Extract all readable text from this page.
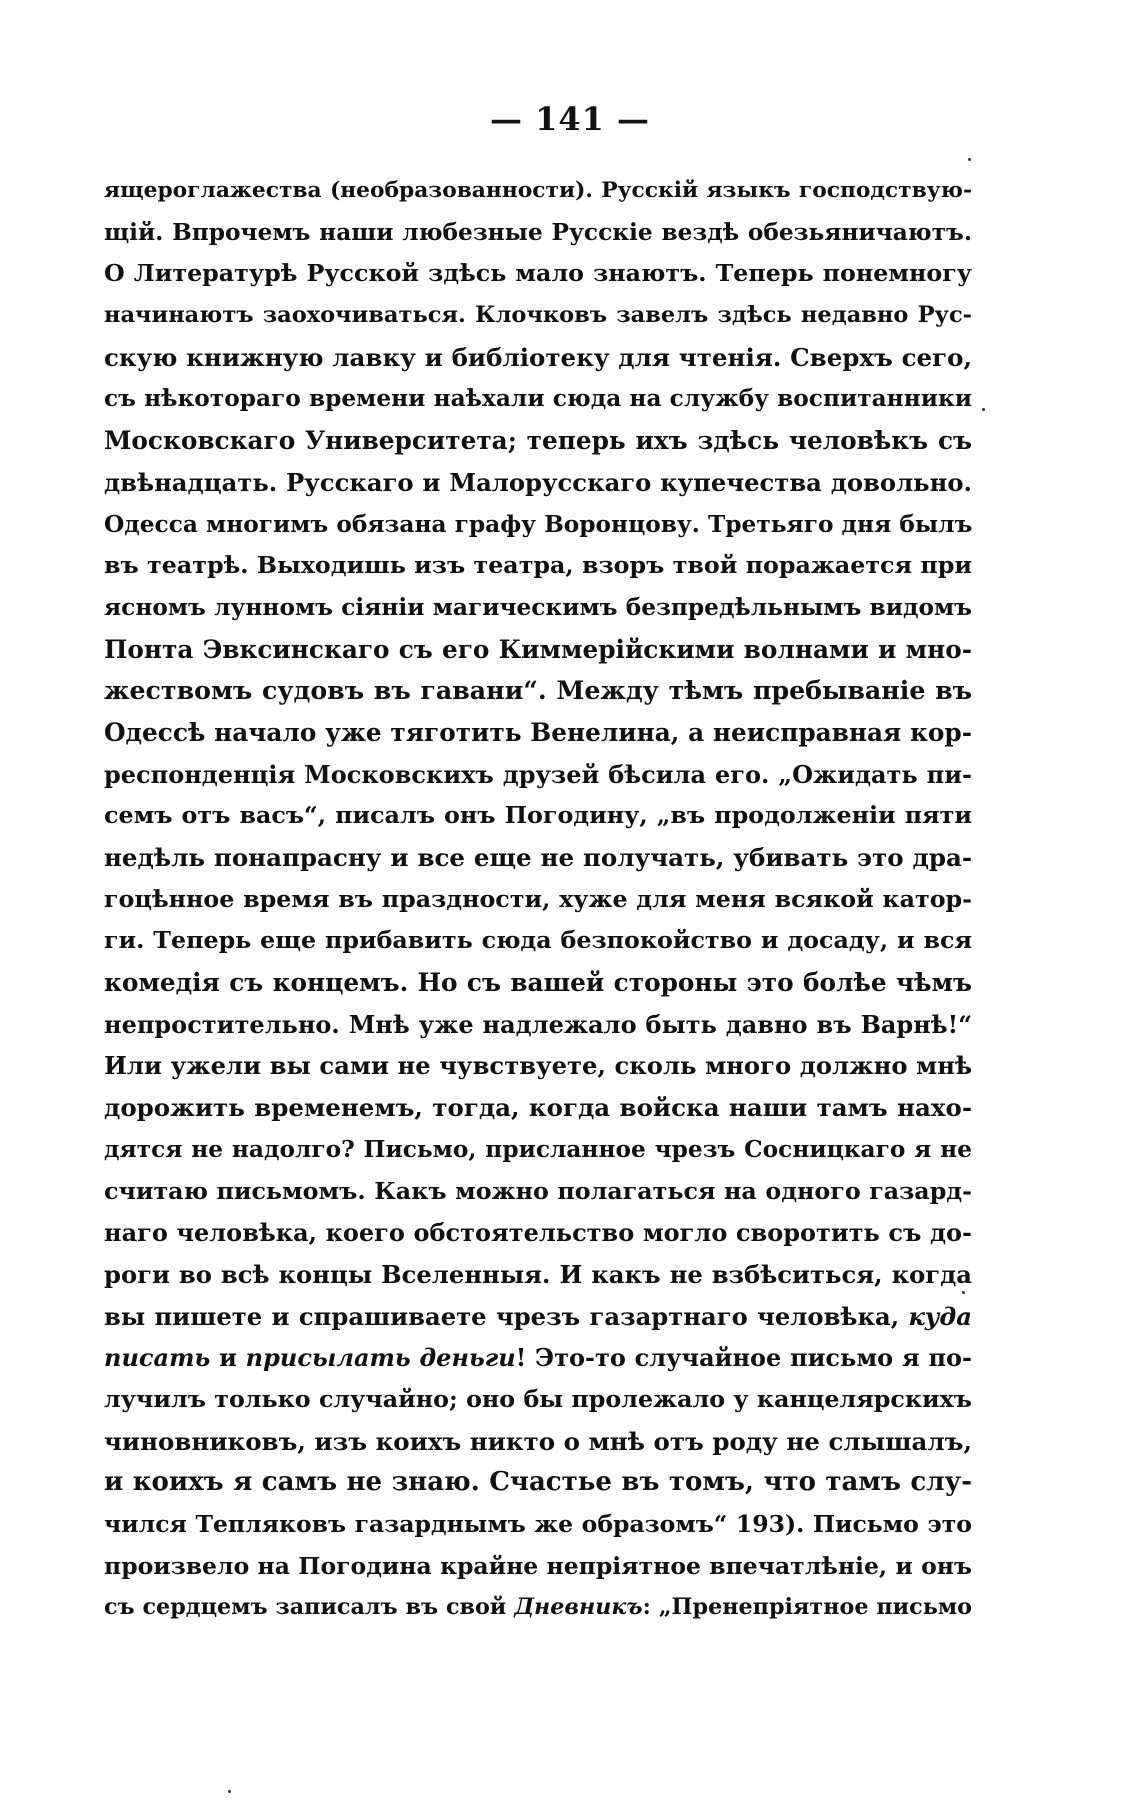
— 141 —
ящероглажества (необразованности). Русскій языкъ господствую-
щій. Впрочемъ наши любезные Русскіе вездѣ обезьяничаютъ.
О Литературѣ Русской здѣсь мало знаютъ. Теперь понемногу
начинаютъ заохочиваться. Клочковъ завелъ здѣсь недавно Рус-
скую книжную лавку и библіотеку для чтенія. Сверхъ сего,
съ нѣкотораго времени наѣхали сюда на службу воспитанники
Московскаго Университета; теперь ихъ здѣсь человѣкъ съ
двѣнадцать. Русскаго и Малорусскаго купечества довольно.
Одесса многимъ обязана графу Воронцову. Третьяго дня былъ
въ театрѣ. Выходишь изъ театра, взоръ твой поражается при
ясномъ лунномъ сіяніи магическимъ безпредѣльнымъ видомъ
Понта Эвксинскаго съ его Киммерійскими волнами и мно-
жествомъ судовъ въ гавани“. Между тѣмъ пребываніе въ
Одессѣ начало уже тяготить Венелина, а неисправная кор-
респонденція Московскихъ друзей бѣсила его. „Ожидать пи-
семъ отъ васъ“, писалъ онъ Погодину, „въ продолженіи пяти
недѣль понапрасну и все еще не получать, убивать это дра-
гоцѣнное время въ праздности, хуже для меня всякой катор-
ги. Теперь еще прибавить сюда безпокойство и досаду, и вся
комедія съ концемъ. Но съ вашей стороны это болѣе чѣмъ
непростительно. Мнѣ уже надлежало быть давно въ Варнѣ!“
Или ужели вы сами не чувствуете, сколь много должно мнѣ
дорожить временемъ, тогда, когда войска наши тамъ нахо-
дятся не надолго? Письмо, присланное чрезъ Сосницкаго я не
считаю письмомъ. Какъ можно полагаться на одного газард-
наго человѣка, коего обстоятельство могло своротить съ до-
роги во всѣ концы Вселенныя. И какъ не взбѣситься, когда
вы пишете и спрашиваете чрезъ газартнаго человѣка, куда
писать и присылать деньги! Это-то случайное письмо я по-
лучилъ только случайно; оно бы пролежало у канцелярскихъ
чиновниковъ, изъ коихъ никто о мнѣ отъ роду не слышалъ,
и коихъ я самъ не знаю. Счастье въ томъ, что тамъ слу-
чился Тепляковъ газарднымъ же образомъ“ 193). Письмо это
произвело на Погодина крайне непріятное впечатлѣніе, и онъ
съ сердцемъ записалъ въ свой Дневникъ: „Пренепріятное письмо
